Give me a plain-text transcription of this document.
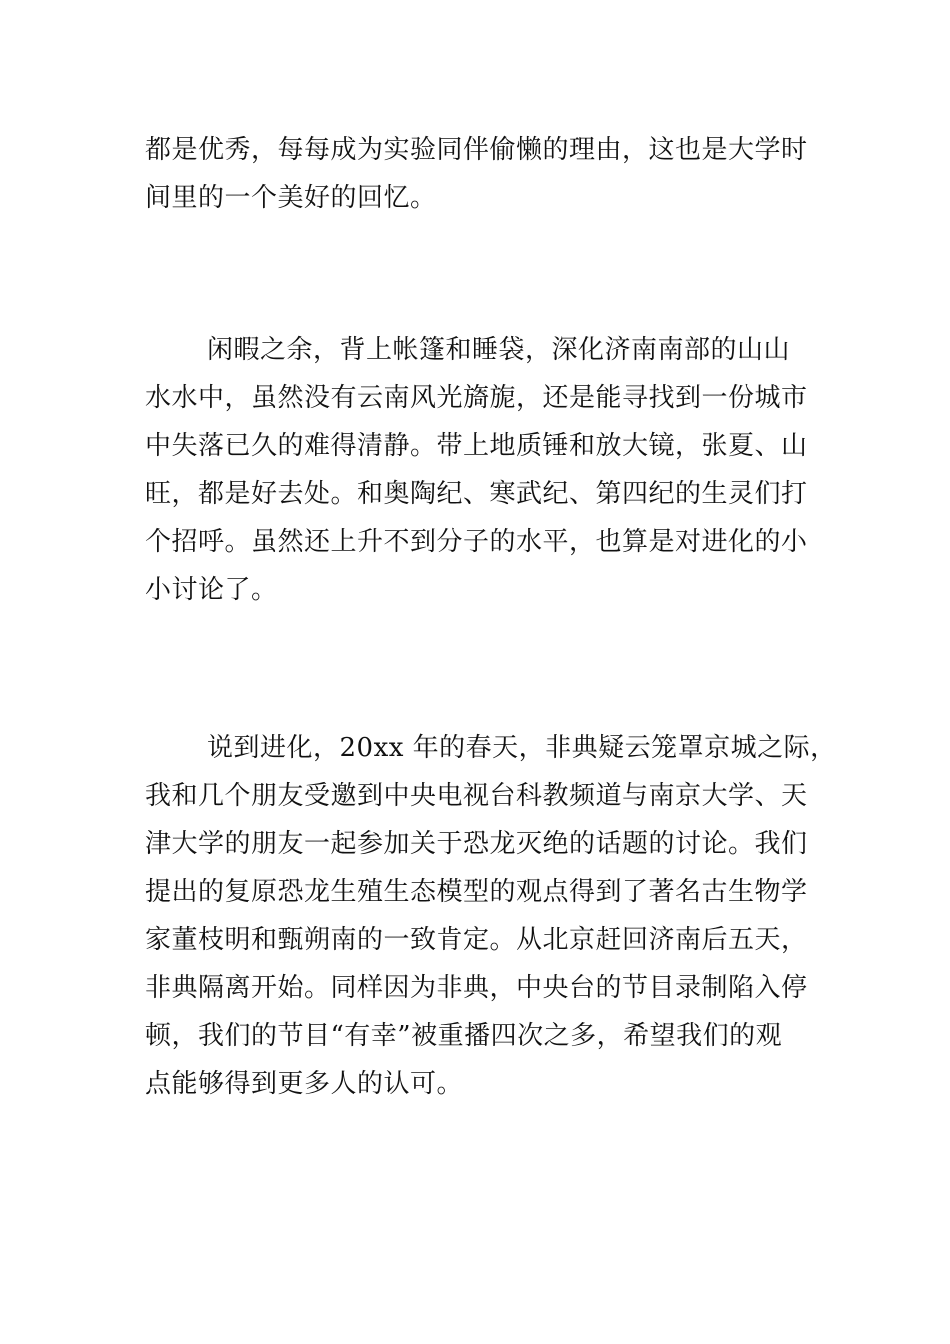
都是优秀，每每成为实验同伴偷懒的理由，这也是大学时
间里的一个美好的回忆。
闲暇之余，背上帐篷和睡袋，深化济南南部的山山
水水中，虽然没有云南风光旖旎，还是能寻找到一份城市
中失落已久的难得清静。带上地质锤和放大镜，张夏、山
旺，都是好去处。和奥陶纪、寒武纪、第四纪的生灵们打
个招呼。虽然还上升不到分子的水平，也算是对进化的小
小讨论了。
说到进化，20xx 年的春天，非典疑云笼罩京城之际，
我和几个朋友受邀到中央电视台科教频道与南京大学、天
津大学的朋友一起参加关于恐龙灭绝的话题的讨论。我们
提出的复原恐龙生殖生态模型的观点得到了著名古生物学
家董枝明和甄朔南的一致肯定。从北京赶回济南后五天，
非典隔离开始。同样因为非典，中央台的节目录制陷入停
顿，我们的节目“有幸”被重播四次之多，希望我们的观
点能够得到更多人的认可。
